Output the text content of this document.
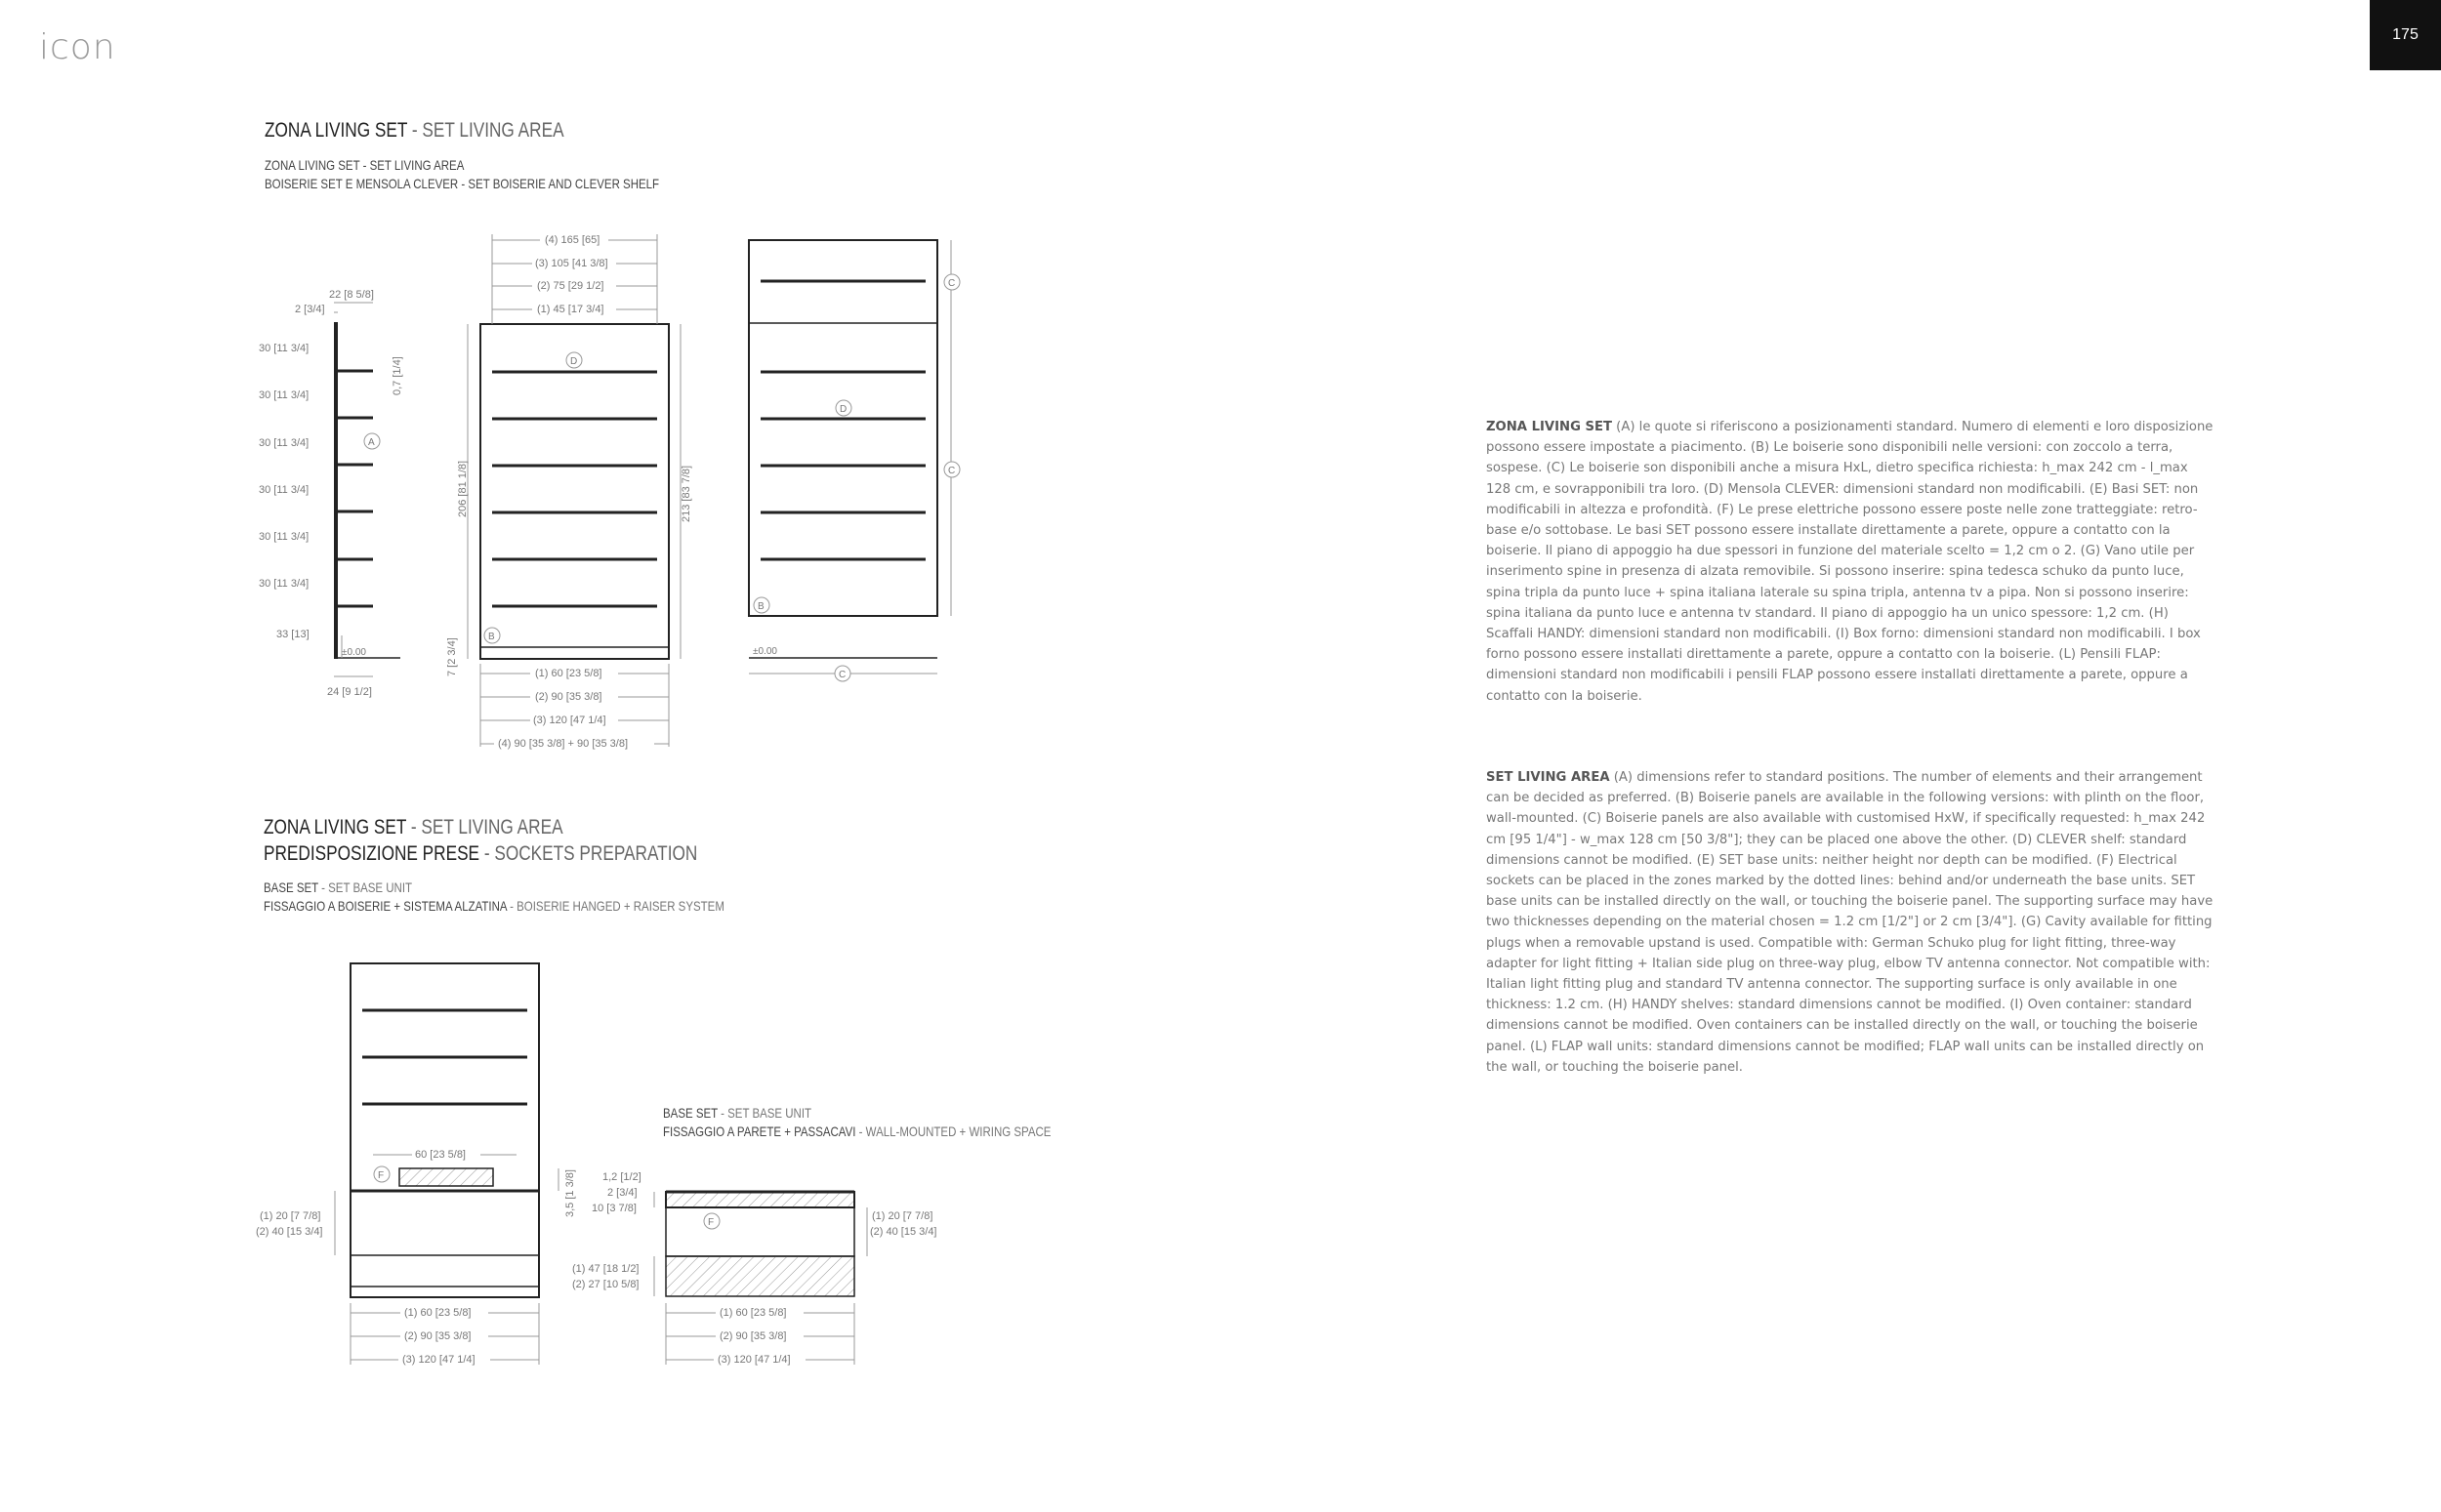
icon	175
ZONA LIVING SET - SET LIVING AREA
ZONA LIVING SET - SET LIVING AREA
BOISERIE SET E MENSOLA CLEVER - SET BOISERIE AND CLEVER SHELF
ZONA LIVING SET - SET LIVING AREA
PREDISPOSIZIONE PRESE - SOCKETS PREPARATION
BASE SET - SET BASE UNIT
FISSAGGIO A BOISERIE + SISTEMA ALZATINA - BOISERIE HANGED + RAISER SYSTEM
BASE SET - SET BASE UNIT
FISSAGGIO A PARETE + PASSACAVI - WALL-MOUNTED + WIRING SPACE
ZONA LIVING SET (A) le quote si riferiscono a posizionamenti standard. Numero di elementi e loro disposizione possono essere impostate a piacimento. (B) Le boiserie sono disponibili nelle versioni: con zoccolo a terra, sospese. (C) Le boiserie son disponibili anche a misura HxL, dietro specifica richiesta: h_max 242 cm - l_max 128 cm, e sovrapponibili tra loro. (D) Mensola CLEVER: dimensioni standard non modificabili. (E) Basi SET: non modificabili in altezza e profondità. (F) Le prese elettriche possono essere poste nelle zone tratteggiate: retro-base e/o sottobase. Le basi SET possono essere installate direttamente a parete, oppure a contatto con la boiserie. Il piano di appoggio ha due spessori in funzione del materiale scelto = 1,2 cm o 2. (G) Vano utile per inserimento spine in presenza di alzata removibile. Si possono inserire: spina tedesca schuko da punto luce, spina tripla da punto luce + spina italiana laterale su spina tripla, antenna tv a pipa. Non si possono inserire: spina italiana da punto luce e antenna tv standard. Il piano di appoggio ha un unico spessore: 1,2 cm. (H) Scaffali HANDY: dimensioni standard non modificabili. (I) Box forno: dimensioni standard non modificabili. I box forno possono essere installati direttamente a parete, oppure a contatto con la boiserie. (L) Pensili FLAP: dimensioni standard non modificabili i pensili FLAP possono essere installati direttamente a parete, oppure a contatto con la boiserie.
SET LIVING AREA (A) dimensions refer to standard positions. The number of elements and their arrangement can be decided as preferred. (B) Boiserie panels are available in the following versions: with plinth on the floor, wall-mounted. (C) Boiserie panels are also available with customised HxW, if specifically requested: h_max 242 cm [95 1/4"] - w_max 128 cm [50 3/8"]; they can be placed one above the other. (D) CLEVER shelf: standard dimensions cannot be modified. (E) SET base units: neither height nor depth can be modified. (F) Electrical sockets can be placed in the zones marked by the dotted lines: behind and/or underneath the base units. SET base units can be installed directly on the wall, or touching the boiserie panel. The supporting surface may have two thicknesses depending on the material chosen = 1.2 cm [1/2"] or 2 cm [3/4"]. (G) Cavity available for fitting plugs when a removable upstand is used. Compatible with: German Schuko plug for light fitting, three-way adapter for light fitting + Italian side plug on three-way plug, elbow TV antenna connector. Not compatible with: Italian light fitting plug and standard TV antenna connector. The supporting surface is only available in one thickness: 1.2 cm. (H) HANDY shelves: standard dimensions cannot be modified. (I) Oven container: standard dimensions cannot be modified. Oven containers can be installed directly on the wall, or touching the boiserie panel. (L) FLAP wall units: standard dimensions cannot be modified; FLAP wall units can be installed directly on the wall, or touching the boiserie panel.
22 [8 5/8]
2 [3/4]
30 [11 3/4]
30 [11 3/4]
30 [11 3/4]
30 [11 3/4]
30 [11 3/4]
30 [11 3/4]
33 [13]
0,7 [1/4]
±0.00
24 [9 1/2]
A
(4) 165 [65]
(3) 105 [41 3/8]
(2) 75 [29 1/2]
(1) 45 [17 3/4]
206 [81 1/8]
7 [2 3/4]
213 [83 7/8]
(1) 60 [23 5/8]
(2) 90 [35 3/8]
(3) 120 [47 1/4]
(4) 90 [35 3/8] + 90 [35 3/8]
D
B
±0.00
C
C
C
D
B
60 [23 5/8]
F
(1) 20 [7 7/8]
(2) 40 [15 3/4]
3,5 [1 3/8]
(1) 60 [23 5/8]
(2) 90 [35 3/8]
(3) 120 [47 1/4]
F
1,2 [1/2]
2 [3/4]
10 [3 7/8]
(1) 20 [7 7/8]
(2) 40 [15 3/4]
(1) 47 [18 1/2]
(2) 27 [10 5/8]
(1) 60 [23 5/8]
(2) 90 [35 3/8]
(3) 120 [47 1/4]
